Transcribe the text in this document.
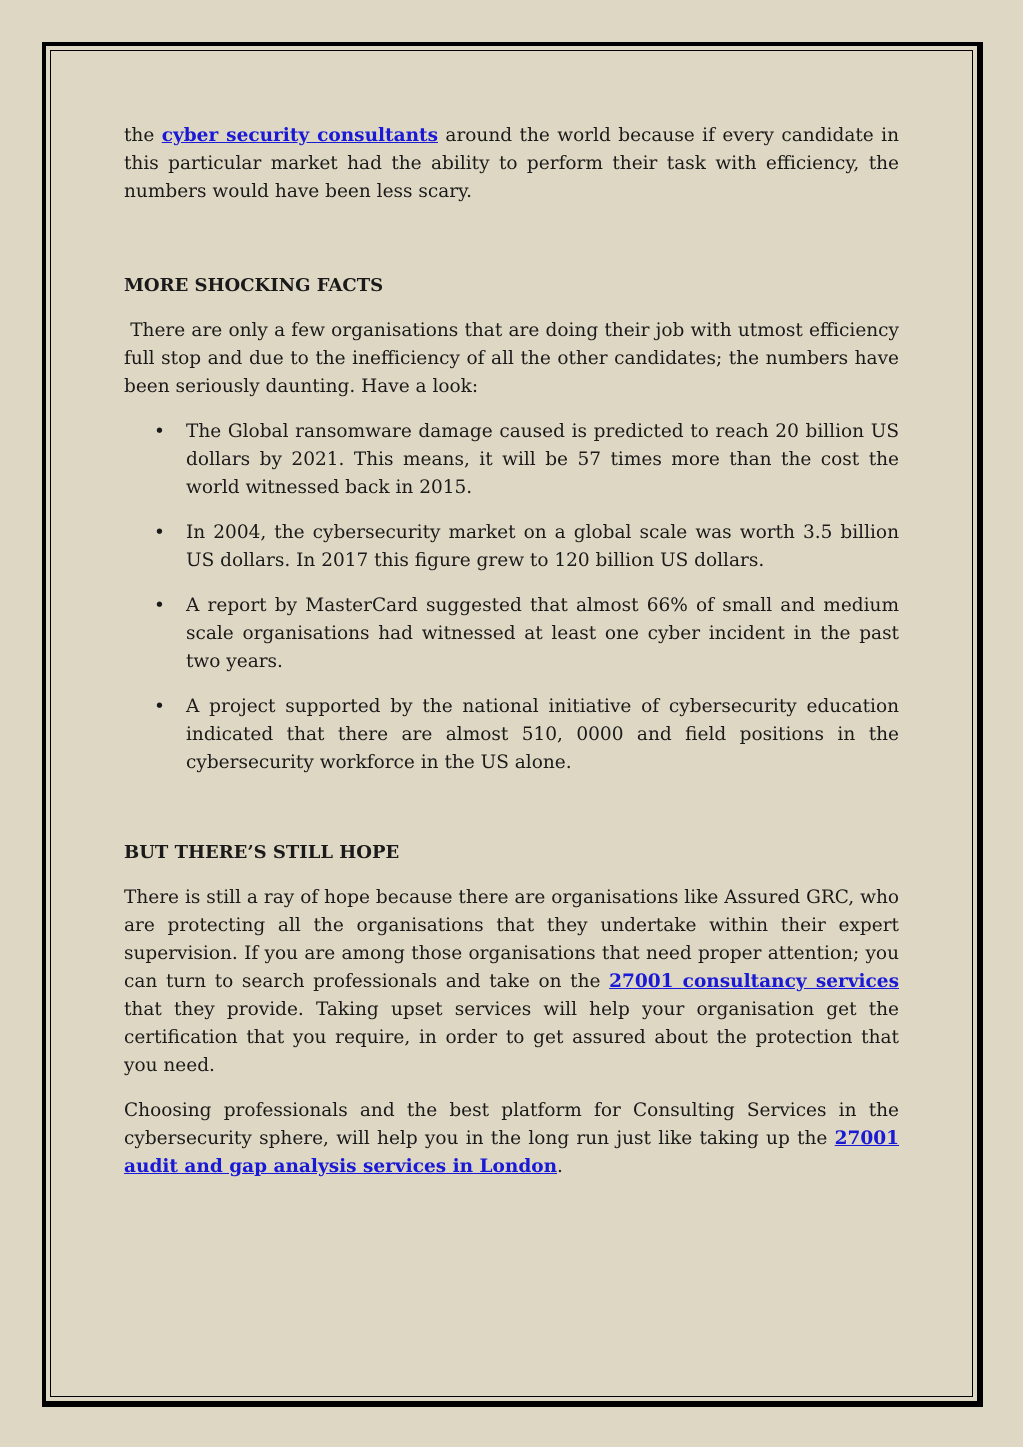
the cyber security consultants around the world because if every candidate in this particular market had the ability to perform their task with efficiency, the numbers would have been less scary.

MORE SHOCKING FACTS

There are only a few organisations that are doing their job with utmost efficiency full stop and due to the inefficiency of all the other candidates; the numbers have been seriously daunting. Have a look:

• The Global ransomware damage caused is predicted to reach 20 billion US dollars by 2021. This means, it will be 57 times more than the cost the world witnessed back in 2015.
• In 2004, the cybersecurity market on a global scale was worth 3.5 billion US dollars. In 2017 this figure grew to 120 billion US dollars.
• A report by MasterCard suggested that almost 66% of small and medium scale organisations had witnessed at least one cyber incident in the past two years.
• A project supported by the national initiative of cybersecurity education indicated that there are almost 510, 0000 and field positions in the cybersecurity workforce in the US alone.

BUT THERE’S STILL HOPE

There is still a ray of hope because there are organisations like Assured GRC, who are protecting all the organisations that they undertake within their expert supervision. If you are among those organisations that need proper attention; you can turn to search professionals and take on the 27001 consultancy services that they provide. Taking upset services will help your organisation get the certification that you require, in order to get assured about the protection that you need.

Choosing professionals and the best platform for Consulting Services in the cybersecurity sphere, will help you in the long run just like taking up the 27001 audit and gap analysis services in London.
